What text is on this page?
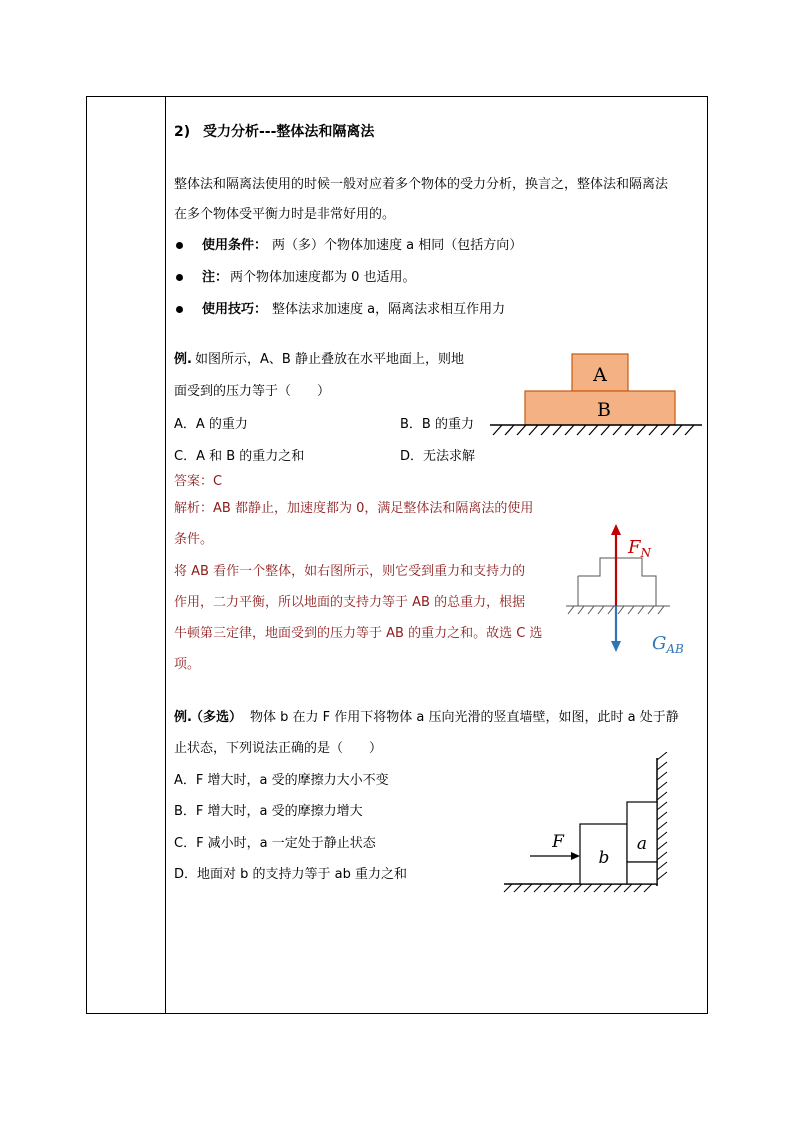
2) 受力分析---整体法和隔离法
整体法和隔离法使用的时候一般对应着多个物体的受力分析，换言之，整体法和隔离法
在多个物体受平衡力时是非常好用的。
使用条件： 两（多）个物体加速度 a 相同（包括方向）
注： 两个物体加速度都为 0 也适用。
使用技巧： 整体法求加速度 a，隔离法求相互作用力
例. 如图所示，A、B 静止叠放在水平地面上，则地
面受到的压力等于（　　）
A．A 的重力	B．B 的重力
C．A 和 B 的重力之和	D．无法求解
答案：C
解析：AB 都静止，加速度都为 0，满足整体法和隔离法的使用
条件。
将 AB 看作一个整体，如右图所示，则它受到重力和支持力的
作用，二力平衡，所以地面的支持力等于 AB 的总重力，根据
牛顿第三定律，地面受到的压力等于 AB 的重力之和。故选 C 选
项。
A
B
$F_N$
$G_{AB}$
例.
（多选） 物体 b 在力 F 作用下将物体 a 压向光滑的竖直墙壁，如图，此时 a 处于静
止状态，下列说法正确的是（　　）
A．F 增大时，a 受的摩擦力大小不变
B．F 增大时，a 受的摩擦力增大
C．F 减小时，a 一定处于静止状态
D．地面对 b 的支持力等于 ab 重力之和
b
a
F
